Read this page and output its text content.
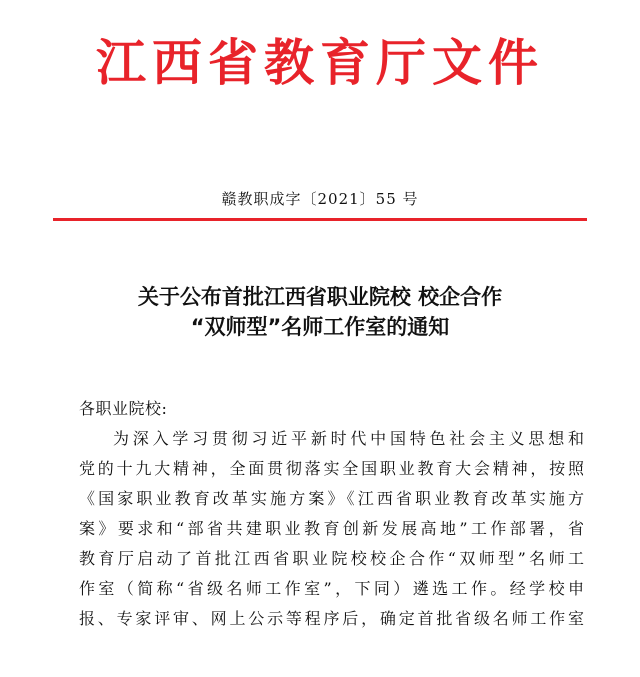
江西省教育厅文件
赣教职成字〔2021〕55 号
关于公布首批江西省职业院校 校企合作
“双师型”名师工作室的通知
各职业院校:
为深入学习贯彻习近平新时代中国特色社会主义思想和
党的十九大精神，全面贯彻落实全国职业教育大会精神，按照
《国家职业教育改革实施方案》《江西省职业教育改革实施方
案》要求和“部省共建职业教育创新发展高地”工作部署，省
教育厅启动了首批江西省职业院校校企合作“双师型”名师工
作室（简称“省级名师工作室”，下同）遴选工作。经学校申
报、专家评审、网上公示等程序后，确定首批省级名师工作室
